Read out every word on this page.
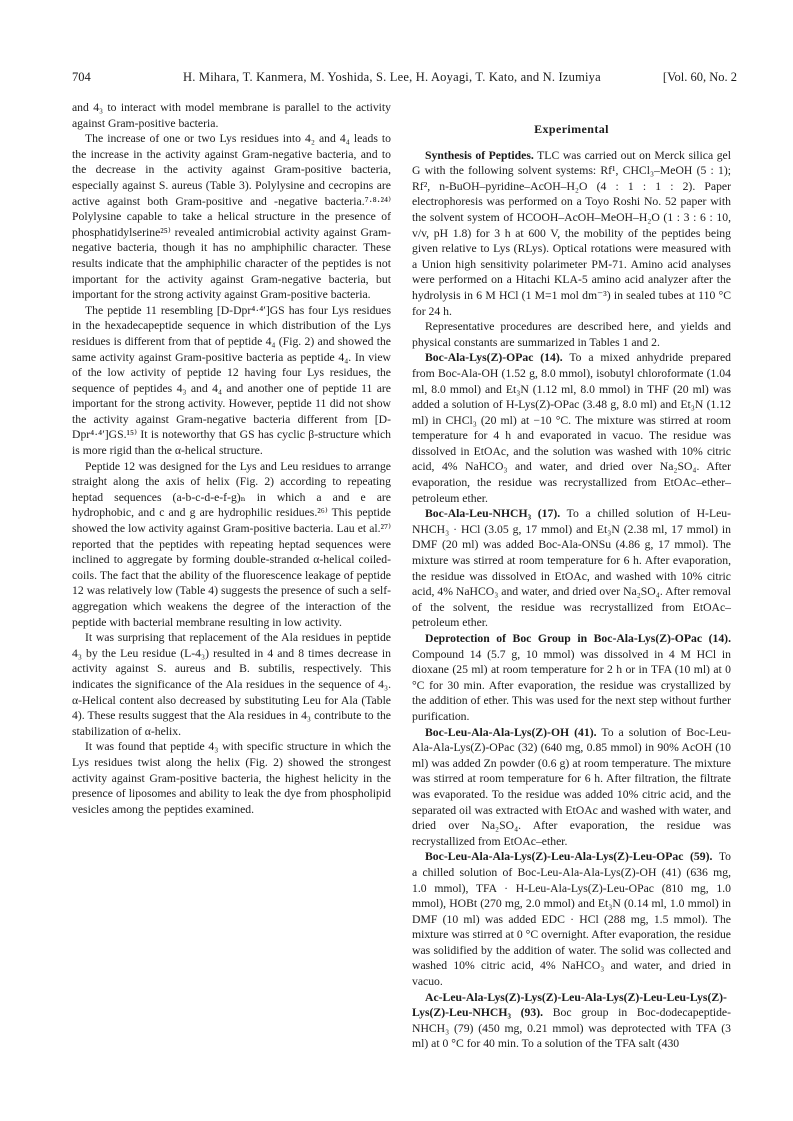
704	H. Mihara, T. Kanmera, M. Yoshida, S. Lee, H. Aoyagi, T. Kato, and N. Izumiya	[Vol. 60, No. 2

and 4₃ to interact with model membrane is parallel to the activity against Gram-positive bacteria.

The increase of one or two Lys residues into 4₂ and 4₄ leads to the increase in the activity against Gram-negative bacteria, and to the decrease in the activity against Gram-positive bacteria, especially against S. aureus (Table 3). Polylysine and cecropins are active against both Gram-positive and -negative bacteria.⁷·⁸·²⁴⁾ Polylysine capable to take a helical structure in the presence of phosphatidylserine²⁵⁾ revealed antimicrobial activity against Gram-negative bacteria, though it has no amphiphilic character. These results indicate that the amphiphilic character of the peptides is not important for the activity against Gram-negative bacteria, but important for the strong activity against Gram-positive bacteria.

The peptide 11 resembling [D-Dpr⁴·⁴′]GS has four Lys residues in the hexadecapeptide sequence in which distribution of the Lys residues is different from that of peptide 4₄ (Fig. 2) and showed the same activity against Gram-positive bacteria as peptide 4₄. In view of the low activity of peptide 12 having four Lys residues, the sequence of peptides 4₃ and 4₄ and another one of peptide 11 are important for the strong activity. However, peptide 11 did not show the activity against Gram-negative bacteria different from [D-Dpr⁴·⁴′]GS.¹⁵⁾ It is noteworthy that GS has cyclic β-structure which is more rigid than the α-helical structure.

Peptide 12 was designed for the Lys and Leu residues to arrange straight along the axis of helix (Fig. 2) according to repeating heptad sequences (a-b-c-d-e-f-g)ₙ in which a and e are hydrophobic, and c and g are hydrophilic residues.²⁶⁾ This peptide showed the low activity against Gram-positive bacteria. Lau et al.²⁷⁾ reported that the peptides with repeating heptad sequences were inclined to aggregate by forming double-stranded α-helical coiled-coils. The fact that the ability of the fluorescence leakage of peptide 12 was relatively low (Table 4) suggests the presence of such a self-aggregation which weakens the degree of the interaction of the peptide with bacterial membrane resulting in low activity.

It was surprising that replacement of the Ala residues in peptide 4₃ by the Leu residue (L-4₃) resulted in 4 and 8 times decrease in activity against S. aureus and B. subtilis, respectively. This indicates the significance of the Ala residues in the sequence of 4₃. α-Helical content also decreased by substituting Leu for Ala (Table 4). These results suggest that the Ala residues in 4₃ contribute to the stabilization of α-helix.

It was found that peptide 4₃ with specific structure in which the Lys residues twist along the helix (Fig. 2) showed the strongest activity against Gram-positive bacteria, the highest helicity in the presence of liposomes and ability to leak the dye from phospholipid vesicles among the peptides examined.

Experimental

Synthesis of Peptides. TLC was carried out on Merck silica gel G with the following solvent systems: Rf¹, CHCl₃–MeOH (5 : 1); Rf², n-BuOH–pyridine–AcOH–H₂O (4 : 1 : 1 : 2). Paper electrophoresis was performed on a Toyo Roshi No. 52 paper with the solvent system of HCOOH–AcOH–MeOH–H₂O (1 : 3 : 6 : 10, v/v, pH 1.8) for 3 h at 600 V, the mobility of the peptides being given relative to Lys (RLys). Optical rotations were measured with a Union high sensitivity polarimeter PM-71. Amino acid analyses were performed on a Hitachi KLA-5 amino acid analyzer after the hydrolysis in 6 M HCl (1 M=1 mol dm⁻³) in sealed tubes at 110 °C for 24 h.

Representative procedures are described here, and yields and physical constants are summarized in Tables 1 and 2.

Boc-Ala-Lys(Z)-OPac (14). To a mixed anhydride prepared from Boc-Ala-OH (1.52 g, 8.0 mmol), isobutyl chloroformate (1.04 ml, 8.0 mmol) and Et₃N (1.12 ml, 8.0 mmol) in THF (20 ml) was added a solution of H-Lys(Z)-OPac (3.48 g, 8.0 ml) and Et₃N (1.12 ml) in CHCl₃ (20 ml) at −10 °C. The mixture was stirred at room temperature for 4 h and evaporated in vacuo. The residue was dissolved in EtOAc, and the solution was washed with 10% citric acid, 4% NaHCO₃ and water, and dried over Na₂SO₄. After evaporation, the residue was recrystallized from EtOAc–ether–petroleum ether.

Boc-Ala-Leu-NHCH₃ (17). To a chilled solution of H-Leu-NHCH₃ · HCl (3.05 g, 17 mmol) and Et₃N (2.38 ml, 17 mmol) in DMF (20 ml) was added Boc-Ala-ONSu (4.86 g, 17 mmol). The mixture was stirred at room temperature for 6 h. After evaporation, the residue was dissolved in EtOAc, and washed with 10% citric acid, 4% NaHCO₃ and water, and dried over Na₂SO₄. After removal of the solvent, the residue was recrystallized from EtOAc–petroleum ether.

Deprotection of Boc Group in Boc-Ala-Lys(Z)-OPac (14). Compound 14 (5.7 g, 10 mmol) was dissolved in 4 M HCl in dioxane (25 ml) at room temperature for 2 h or in TFA (10 ml) at 0 °C for 30 min. After evaporation, the residue was crystallized by the addition of ether. This was used for the next step without further purification.

Boc-Leu-Ala-Ala-Lys(Z)-OH (41). To a solution of Boc-Leu-Ala-Ala-Lys(Z)-OPac (32) (640 mg, 0.85 mmol) in 90% AcOH (10 ml) was added Zn powder (0.6 g) at room temperature. The mixture was stirred at room temperature for 6 h. After filtration, the filtrate was evaporated. To the residue was added 10% citric acid, and the separated oil was extracted with EtOAc and washed with water, and dried over Na₂SO₄. After evaporation, the residue was recrystallized from EtOAc–ether.

Boc-Leu-Ala-Ala-Lys(Z)-Leu-Ala-Lys(Z)-Leu-OPac (59). To a chilled solution of Boc-Leu-Ala-Ala-Lys(Z)-OH (41) (636 mg, 1.0 mmol), TFA · H-Leu-Ala-Lys(Z)-Leu-OPac (810 mg, 1.0 mmol), HOBt (270 mg, 2.0 mmol) and Et₃N (0.14 ml, 1.0 mmol) in DMF (10 ml) was added EDC · HCl (288 mg, 1.5 mmol). The mixture was stirred at 0 °C overnight. After evaporation, the residue was solidified by the addition of water. The solid was collected and washed 10% citric acid, 4% NaHCO₃ and water, and dried in vacuo.

Ac-Leu-Ala-Lys(Z)-Lys(Z)-Leu-Ala-Lys(Z)-Leu-Leu-Lys(Z)-Lys(Z)-Leu-NHCH₃ (93). Boc group in Boc-dodecapeptide-NHCH₃ (79) (450 mg, 0.21 mmol) was deprotected with TFA (3 ml) at 0 °C for 40 min. To a solution of the TFA salt (430
